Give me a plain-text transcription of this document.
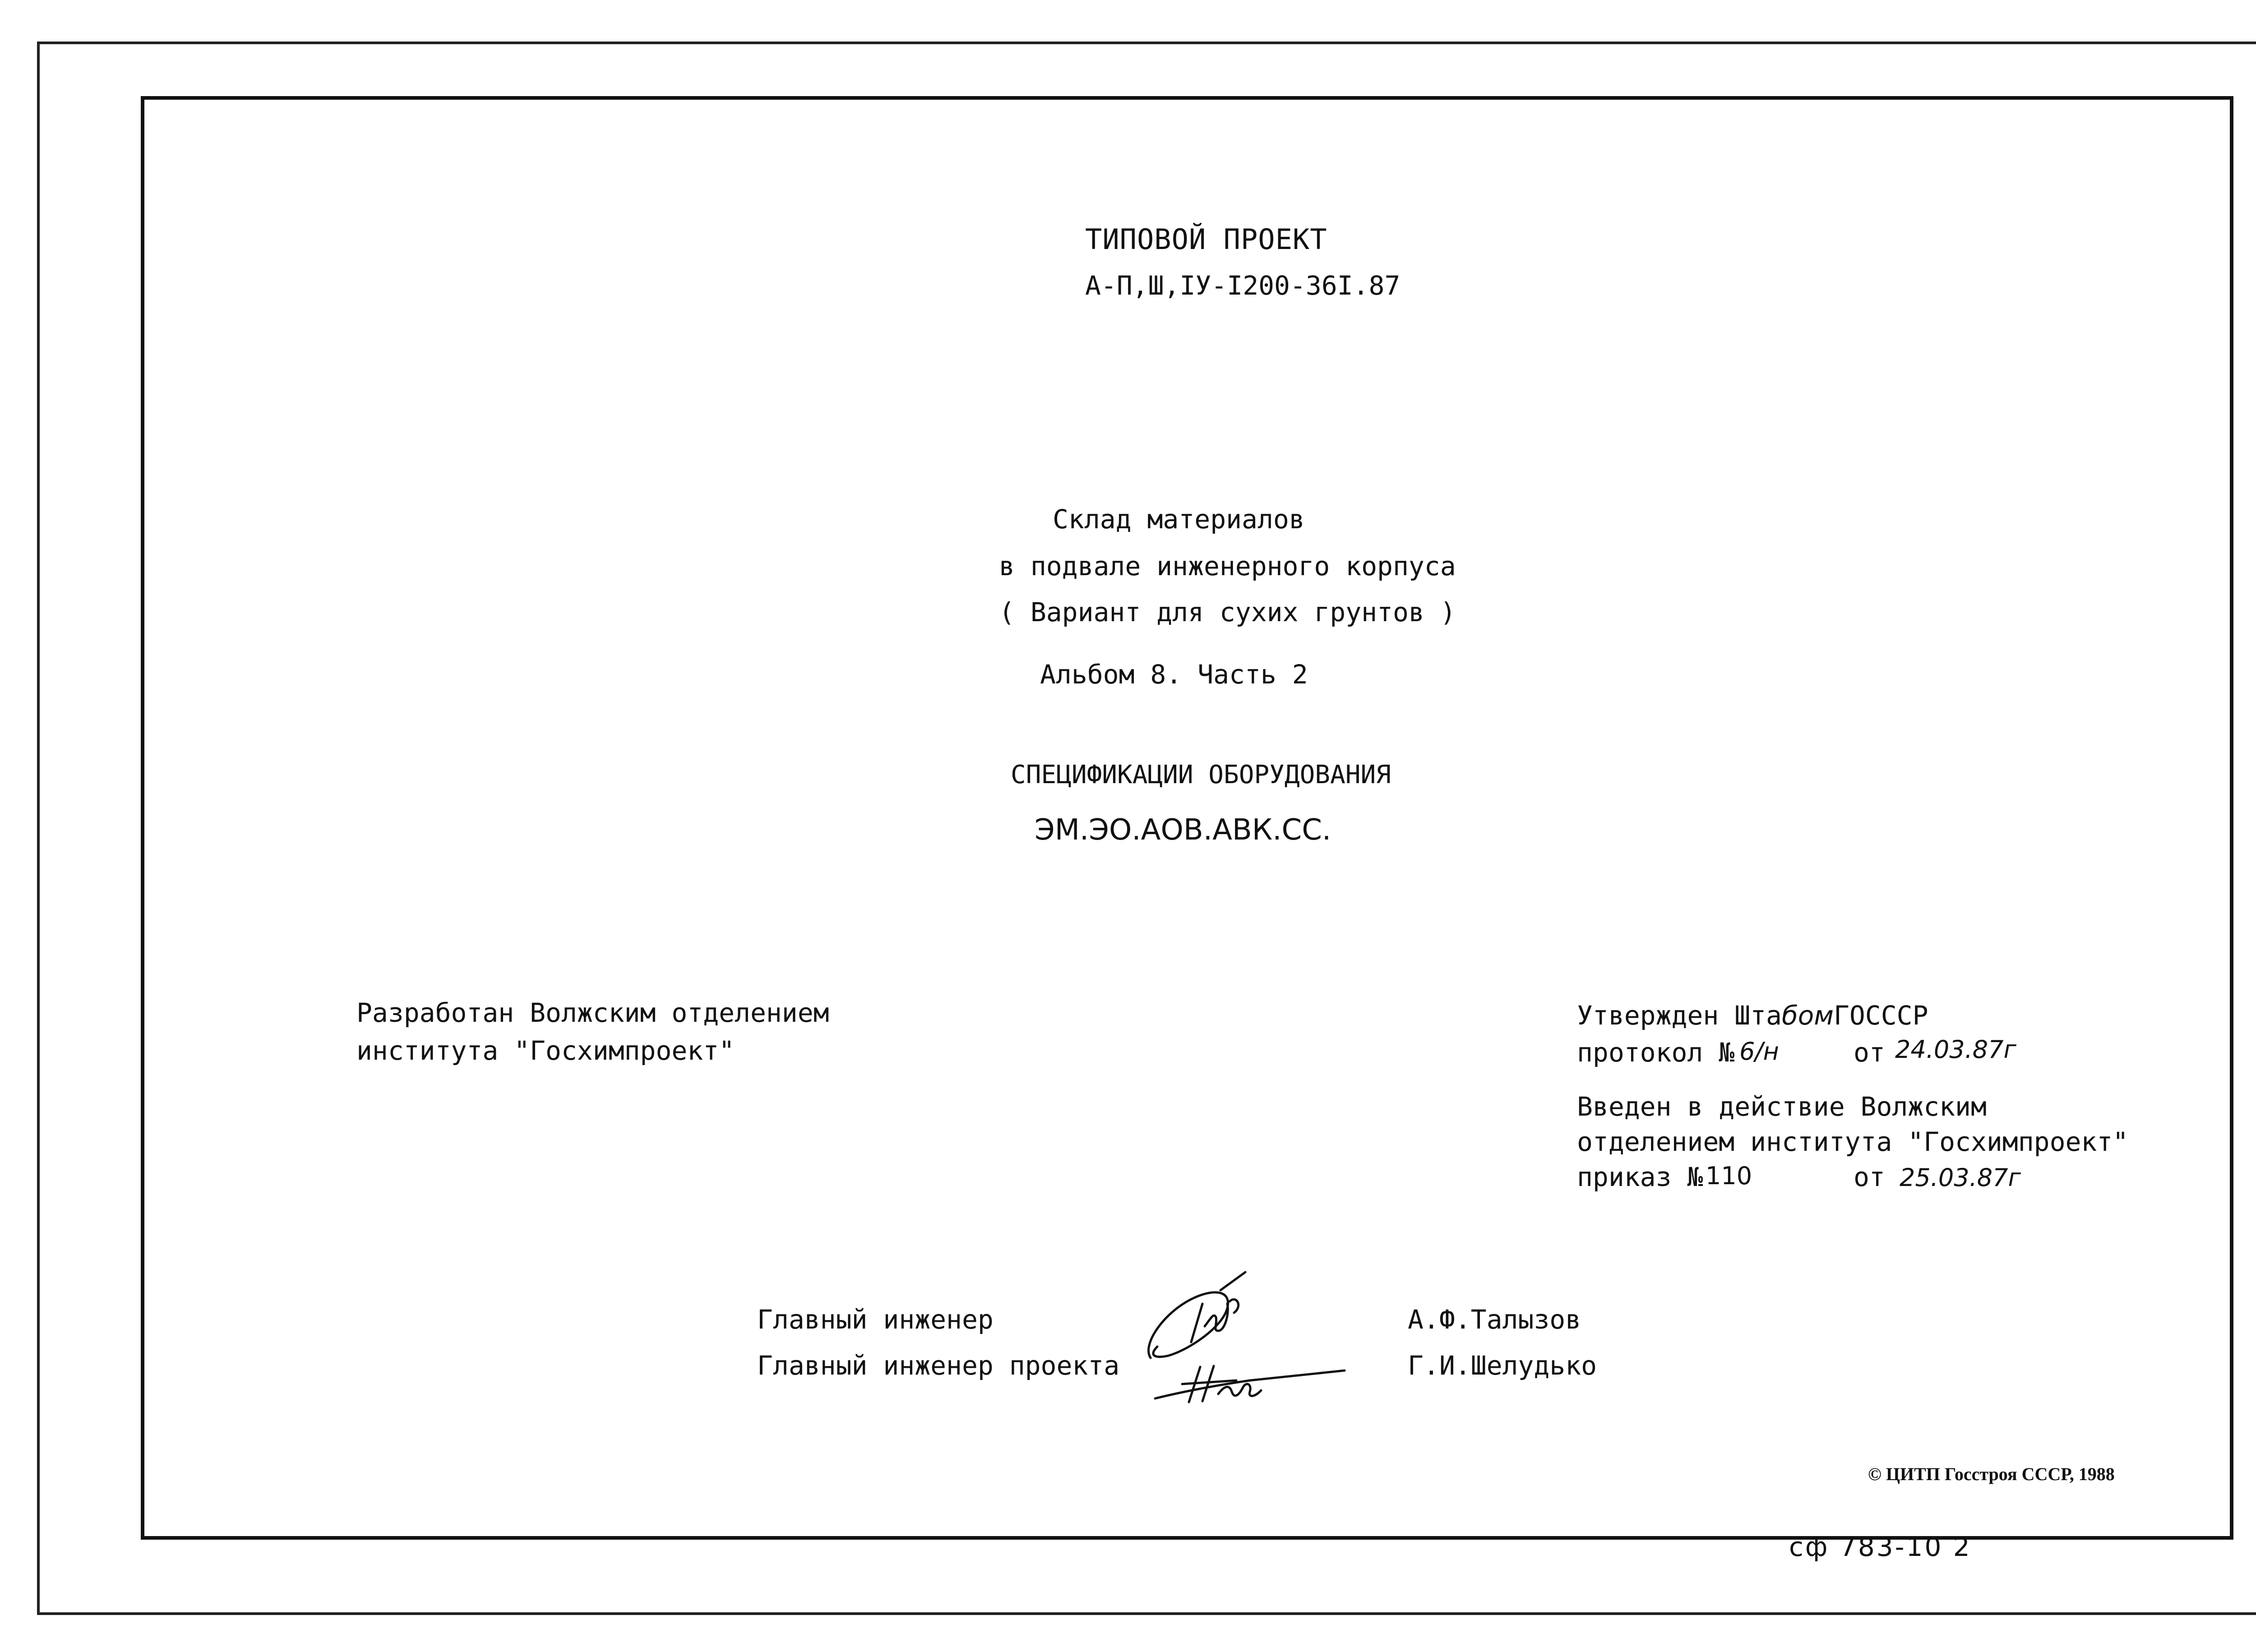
ТИПОВОЙ ПРОЕКТ
А-П,Ш,ІУ-І200-36І.87
Склад материалов
в подвале инженерного корпуса
( Вариант для сухих грунтов )
Альбом 8. Часть 2
СПЕЦИФИКАЦИИ ОБОРУДОВАНИЯ
ЭМ.ЭО.АОВ.АВК.СС.
Разработан Волжским отделением
института "Госхимпроект"
Утвержден ШтабомГОСССР
протокол № 6/н	от 24.03.87г
Введен в действие Волжским
отделением института "Госхимпроект"
приказ № 110	от 25.03.87г
Главный инженер
Главный инженер проекта
А.Ф.Талызов
Г.И.Шелудько
© ЦИТП Госстроя СССР, 1988
сф 783-10 2
